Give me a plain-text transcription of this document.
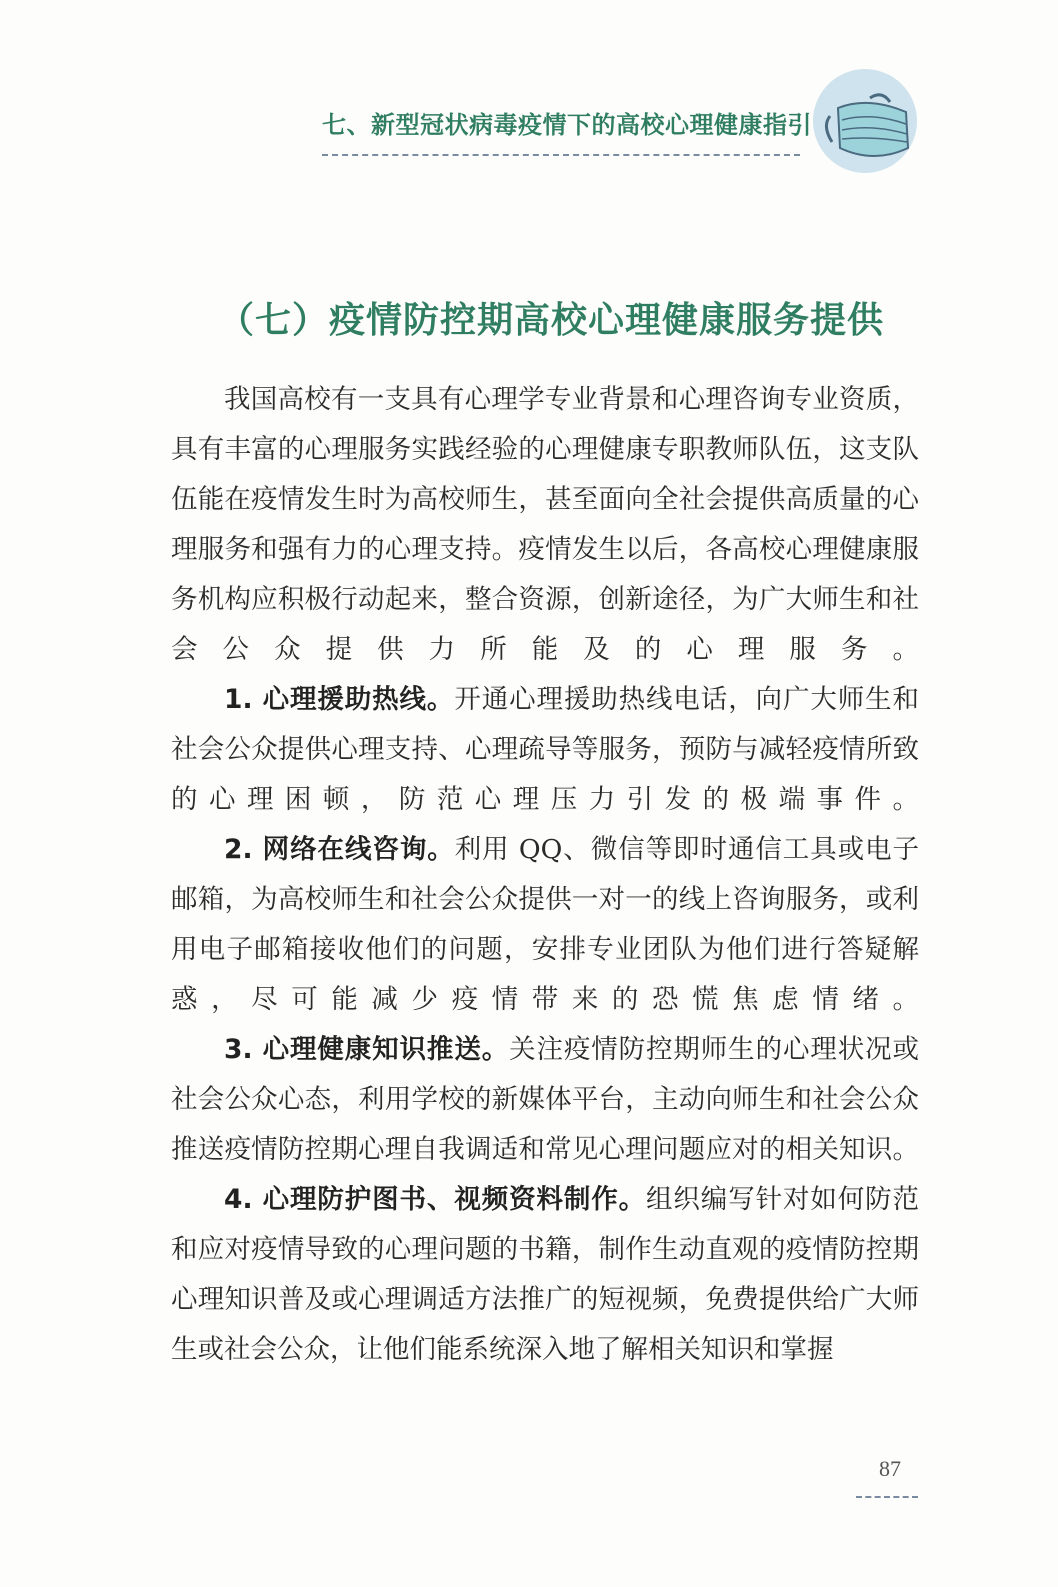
七、新型冠状病毒疫情下的高校心理健康指引
（七）疫情防控期高校心理健康服务提供

我国高校有一支具有心理学专业背景和心理咨询专业资质，具有丰富的心理服务实践经验的心理健康专职教师队伍，这支队伍能在疫情发生时为高校师生，甚至面向全社会提供高质量的心理服务和强有力的心理支持。疫情发生以后，各高校心理健康服务机构应积极行动起来，整合资源，创新途径，为广大师生和社会公众提供力所能及的心理服务。

1. 心理援助热线。开通心理援助热线电话，向广大师生和社会公众提供心理支持、心理疏导等服务，预防与减轻疫情所致的心理困顿，防范心理压力引发的极端事件。

2. 网络在线咨询。利用 QQ、微信等即时通信工具或电子邮箱，为高校师生和社会公众提供一对一的线上咨询服务，或利用电子邮箱接收他们的问题，安排专业团队为他们进行答疑解惑，尽可能减少疫情带来的恐慌焦虑情绪。

3. 心理健康知识推送。关注疫情防控期师生的心理状况或社会公众心态，利用学校的新媒体平台，主动向师生和社会公众推送疫情防控期心理自我调适和常见心理问题应对的相关知识。

4. 心理防护图书、视频资料制作。组织编写针对如何防范和应对疫情导致的心理问题的书籍，制作生动直观的疫情防控期心理知识普及或心理调适方法推广的短视频，免费提供给广大师生或社会公众，让他们能系统深入地了解相关知识和掌握

87
